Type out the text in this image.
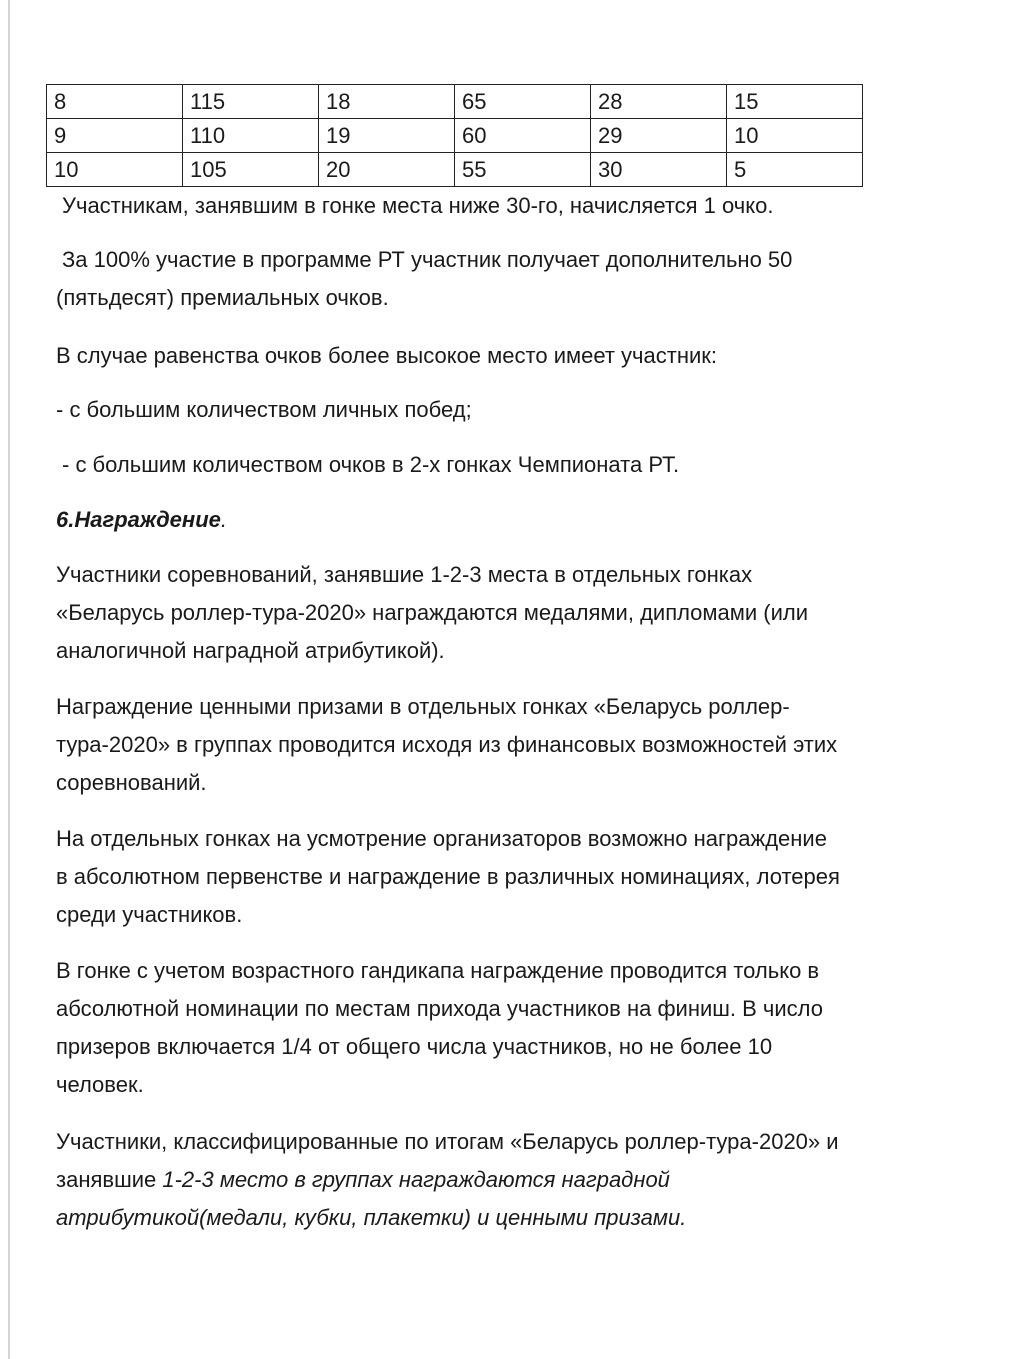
8	115	18	65	28	15
9	110	19	60	29	10
10	105	20	55	30	5

Участникам, занявшим в гонке места ниже 30-го, начисляется 1 очко.

За 100% участие в программе РТ участник получает дополнительно 50
(пятьдесят) премиальных очков.

В случае равенства очков более высокое место имеет участник:

- с большим количеством личных побед;

- с большим количеством очков в 2-х гонках Чемпионата РТ.

6.Награждение.

Участники соревнований, занявшие 1-2-3 места в отдельных гонках
«Беларусь роллер-тура-2020» награждаются медалями, дипломами (или
аналогичной наградной атрибутикой).

Награждение ценными призами в отдельных гонках «Беларусь роллер-
тура-2020» в группах проводится исходя из финансовых возможностей этих
соревнований.

На отдельных гонках на усмотрение организаторов возможно награждение
в абсолютном первенстве и награждение в различных номинациях, лотерея
среди участников.

В гонке с учетом возрастного гандикапа награждение проводится только в
абсолютной номинации по местам прихода участников на финиш. В число
призеров включается 1/4 от общего числа участников, но не более 10
человек.

Участники, классифицированные по итогам «Беларусь роллер-тура-2020» и
занявшие 1-2-3 место в группах награждаются наградной
атрибутикой(медали, кубки, плакетки) и ценными призами.
